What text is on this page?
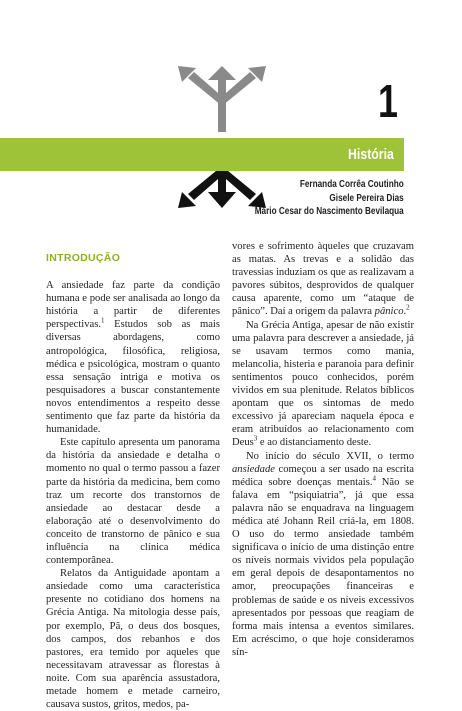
História
1
Fernanda Corrêa Coutinho
Gisele Pereira Dias
Mário Cesar do Nascimento Bevilaqua

INTRODUÇÃO

A ansiedade faz parte da condição humana e pode ser analisada ao longo da história a partir de diferentes perspectivas.$^1$ Estudos sob as mais diversas abordagens, como antropológica, filosófica, religiosa, médica e psicológica, mostram o quanto essa sensação intriga e motiva os pesquisadores a buscar constantemente novos entendimentos a respeito desse sentimento que faz parte da história da humanidade.

Este capítulo apresenta um panorama da história da ansiedade e detalha o momento no qual o termo passou a fazer parte da história da medicina, bem como traz um recorte dos transtornos de ansiedade ao destacar desde a elaboração até o desenvolvimento do conceito de transtorno de pânico e sua influência na clínica médica contemporânea.

Relatos da Antiguidade apontam a ansiedade como uma característica presente no cotidiano dos homens na Grécia Antiga. Na mitologia desse país, por exemplo, Pã, o deus dos bosques, dos campos, dos rebanhos e dos pastores, era temido por aqueles que necessitavam atravessar as florestas à noite. Com sua aparência assustadora, metade homem e metade carneiro, causava sustos, gritos, medos, pa-

vores e sofrimento àqueles que cruzavam as matas. As trevas e a solidão das travessias induziam os que as realizavam a pavores súbitos, desprovidos de qualquer causa aparente, como um “ataque de pânico”. Daí a origem da palavra pânico.$^2$

Na Grécia Antiga, apesar de não existir uma palavra para descrever a ansiedade, já se usavam termos como mania, melancolia, histeria e paranoia para definir sentimentos pouco conhecidos, porém vividos em sua plenitude. Relatos bíblicos apontam que os sintomas de medo excessivo já apareciam naquela época e eram atribuídos ao relacionamento com Deus$^3$ e ao distanciamento deste.

No início do século XVII, o termo ansiedade começou a ser usado na escrita médica sobre doenças mentais.$^4$ Não se falava em “psiquiatria”, já que essa palavra não se enquadrava na linguagem médica até Johann Reil criá-la, em 1808. O uso do termo ansiedade também significava o início de uma distinção entre os níveis normais vividos pela população em geral depois de desapontamentos no amor, preocupações financeiras e problemas de saúde e os níveis excessivos apresentados por pessoas que reagiam de forma mais intensa a eventos similares. Em acréscimo, o que hoje consideramos sín-
